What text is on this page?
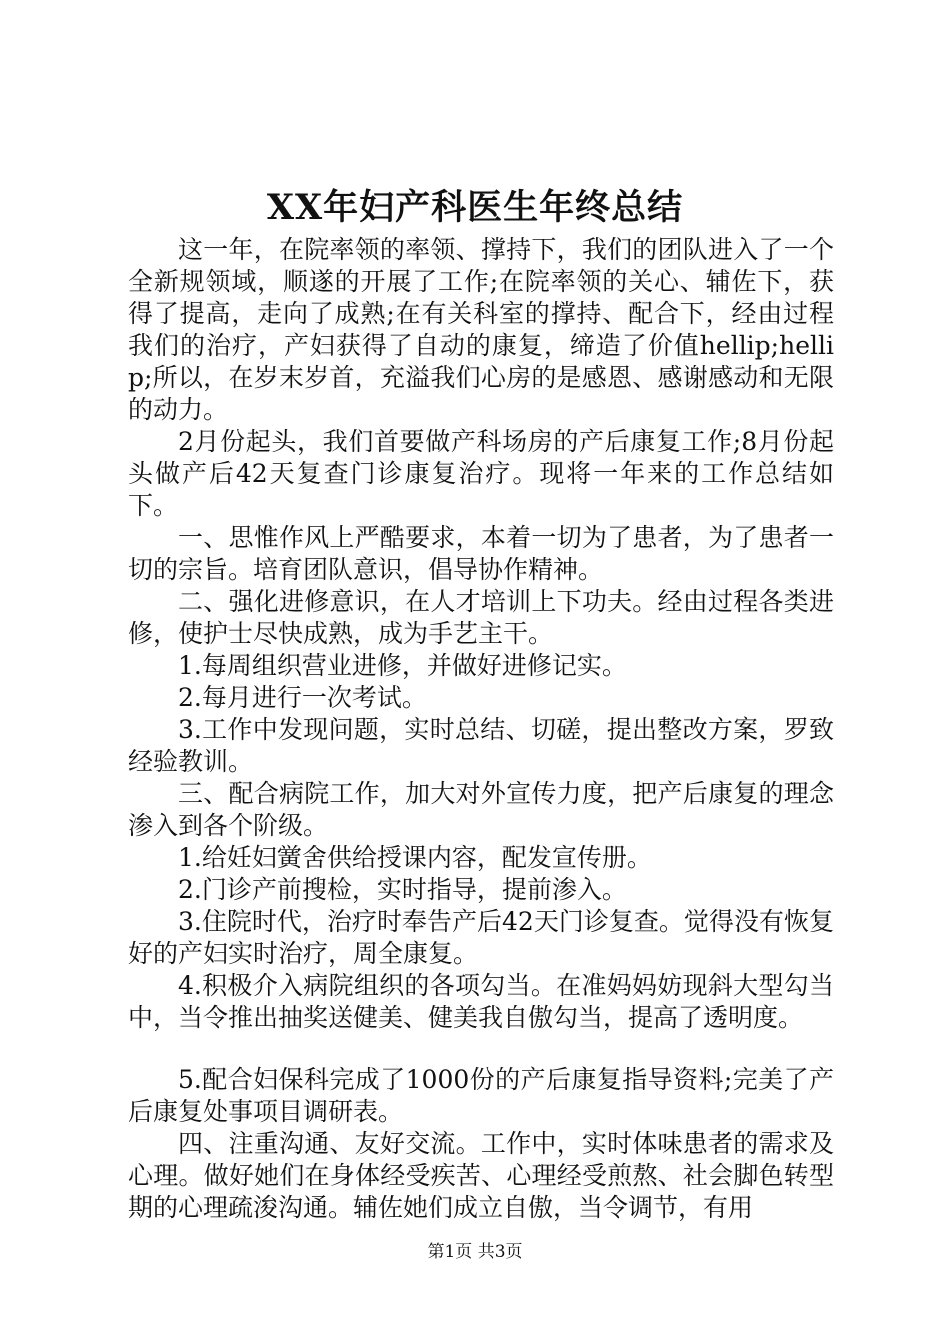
XX年妇产科医生年终总结

这一年，在院率领的率领、撑持下，我们的团队进入了一个全新规领域，顺遂的开展了工作;在院率领的关心、辅佐下，获得了提高，走向了成熟;在有关科室的撑持、配合下，经由过程我们的治疗，产妇获得了自动的康复，缔造了价值hellip;hellip;所以，在岁末岁首，充溢我们心房的是感恩、感谢感动和无限的动力。

2月份起头，我们首要做产科场房的产后康复工作;8月份起头做产后42天复查门诊康复治疗。现将一年来的工作总结如下。

一、思惟作风上严酷要求，本着一切为了患者，为了患者一切的宗旨。培育团队意识，倡导协作精神。

二、强化进修意识，在人才培训上下功夫。经由过程各类进修，使护士尽快成熟，成为手艺主干。

1.每周组织营业进修，并做好进修记实。

2.每月进行一次考试。

3.工作中发现问题，实时总结、切磋，提出整改方案，罗致经验教训。

三、配合病院工作，加大对外宣传力度，把产后康复的理念渗入到各个阶级。

1.给妊妇黉舍供给授课内容，配发宣传册。

2.门诊产前搜检，实时指导，提前渗入。

3.住院时代，治疗时奉告产后42天门诊复查。觉得没有恢复好的产妇实时治疗，周全康复。

4.积极介入病院组织的各项勾当。在准妈妈妨现斜大型勾当中，当令推出抽奖送健美、健美我自傲勾当，提高了透明度。

5.配合妇保科完成了1000份的产后康复指导资料;完美了产后康复处事项目调研表。

四、注重沟通、友好交流。工作中，实时体味患者的需求及心理。做好她们在身体经受疾苦、心理经受煎熬、社会脚色转型期的心理疏浚沟通。辅佐她们成立自傲，当令调节，有用

第1页 共3页
